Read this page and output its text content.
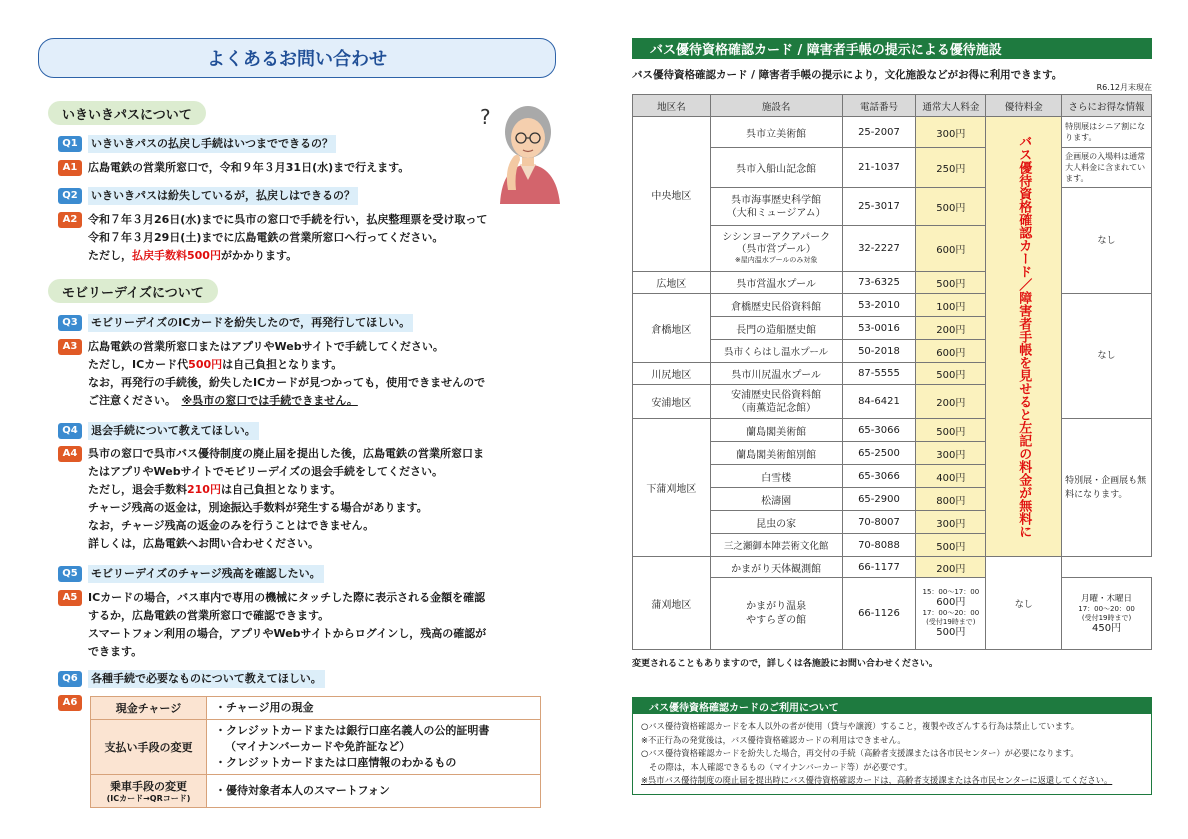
よくあるお問い合わせ
?
いきいきパスについて
Q1	いきいきパスの払戻し手続はいつまでできるの？
A1 広島電鉄の営業所窓口で，令和９年３月31日(水)まで行えます。
Q2	いきいきパスは紛失しているが，払戻しはできるの？
A2 令和７年３月26日(水)までに呉市の窓口で手続を行い，払戻整理票を受け取って
令和７年３月29日(土)までに広島電鉄の営業所窓口へ行ってください。
ただし，払戻手数料500円がかかります。
モビリーデイズについて
Q3	モビリーデイズのICカードを紛失したので，再発行してほしい。
A3 広島電鉄の営業所窓口またはアプリやWebサイトで手続してください。
ただし，ICカード代500円は自己負担となります。
なお，再発行の手続後，紛失したICカードが見つかっても，使用できませんので
ご注意ください。　※呉市の窓口では手続できません。
Q4	退会手続について教えてほしい。
A4 呉市の窓口で呉市バス優待制度の廃止届を提出した後，広島電鉄の営業所窓口ま
たはアプリやWebサイトでモビリーデイズの退会手続をしてください。
ただし，退会手数料210円は自己負担となります。
チャージ残高の返金は，別途振込手数料が発生する場合があります。
なお，チャージ残高の返金のみを行うことはできません。
詳しくは，広島電鉄へお問い合わせください。
Q5	モビリーデイズのチャージ残高を確認したい。
A5 ICカードの場合，バス車内で専用の機械にタッチした際に表示される金額を確認
するか，広島電鉄の営業所窓口で確認できます。
スマートフォン利用の場合，アプリやWebサイトからログインし，残高の確認が
できます。
Q6	各種手続で必要なものについて教えてほしい。
A6	現金チャージ	・チャージ用の現金
支払い手段の変更	・クレジットカードまたは銀行口座名義人の公的証明書
（マイナンバーカードや免許証など）
・クレジットカードまたは口座情報のわかるもの

乗車手段の変更
(ICカード→QRコード)	・優待対象者本人のスマートフォン
バス優待資格確認カード / 障害者手帳の提示による優待施設
バス優待資格確認カード / 障害者手帳の提示により，文化施設などがお得に利用できます。
R6.12月末現在
地区名	施設名	電話番号	通常大人料金	優待料金	さらにお得な情報
中央地区	呉市立美術館	25-2007	300円	バス優待資格確認カード／障害者手帳を見せると左記の料金が無料に	特別展はシニア割になります。
	呉市入船山記念館	21-1037	250円		企画展の入場料は通常大人料金に含まれています。

	呉市海事歴史科学館
（大和ミュージアム）	25-3017	500円		なし

	シシンヨーアクアパーク
（呉市営プール）
※屋内温水プールのみ対象	32-2227	600円		
広地区	呉市営温水プール	73-6325	500円		
倉橋地区	倉橋歴史民俗資料館	53-2010	100円		なし
	長門の造船歴史館	53-0016	200円		
	呉市くらはし温水プール	50-2018	600円		
川尻地区	呉市川尻温水プール	87-5555	500円		
安浦地区	安浦歴史民俗資料館
（南薫造記念館）	84-6421	200円		
下蒲刈地区	蘭島閣美術館	65-3066	500円		特別展・企画展も無料になります。
	蘭島閣美術館別館	65-2500	300円		
	白雪楼	65-3066	400円		
	松濤園	65-2900	800円		
	昆虫の家	70-8007	300円		
	三之瀬御本陣芸術文化館	70-8088	500円		
蒲刈地区	かまがり天体観測館	66-1177	200円	なし	

	かまがり温泉
やすらぎの館	66-1126	15：00～17：00
600円
17：00～20：00
(受付19時まで)
500円		月曜・木曜日
17：00～20：00
(受付19時まで)
450円
変更されることもありますので，詳しくは各施設にお問い合わせください。
バス優待資格確認カードのご利用について
○バス優待資格確認カードを本人以外の者が使用（貸与や譲渡）すること，複製や改ざんする行為は禁止しています。
※不正行為の発覚後は，バス優待資格確認カードの利用はできません。
○バス優待資格確認カードを紛失した場合，再交付の手続（高齢者支援課または各市民センター）が必要になります。
その際は，本人確認できるもの（マイナンバーカード等）が必要です。
※呉市バス優待制度の廃止届を提出時にバス優待資格確認カードは，高齢者支援課または各市民センターに返還してください。
